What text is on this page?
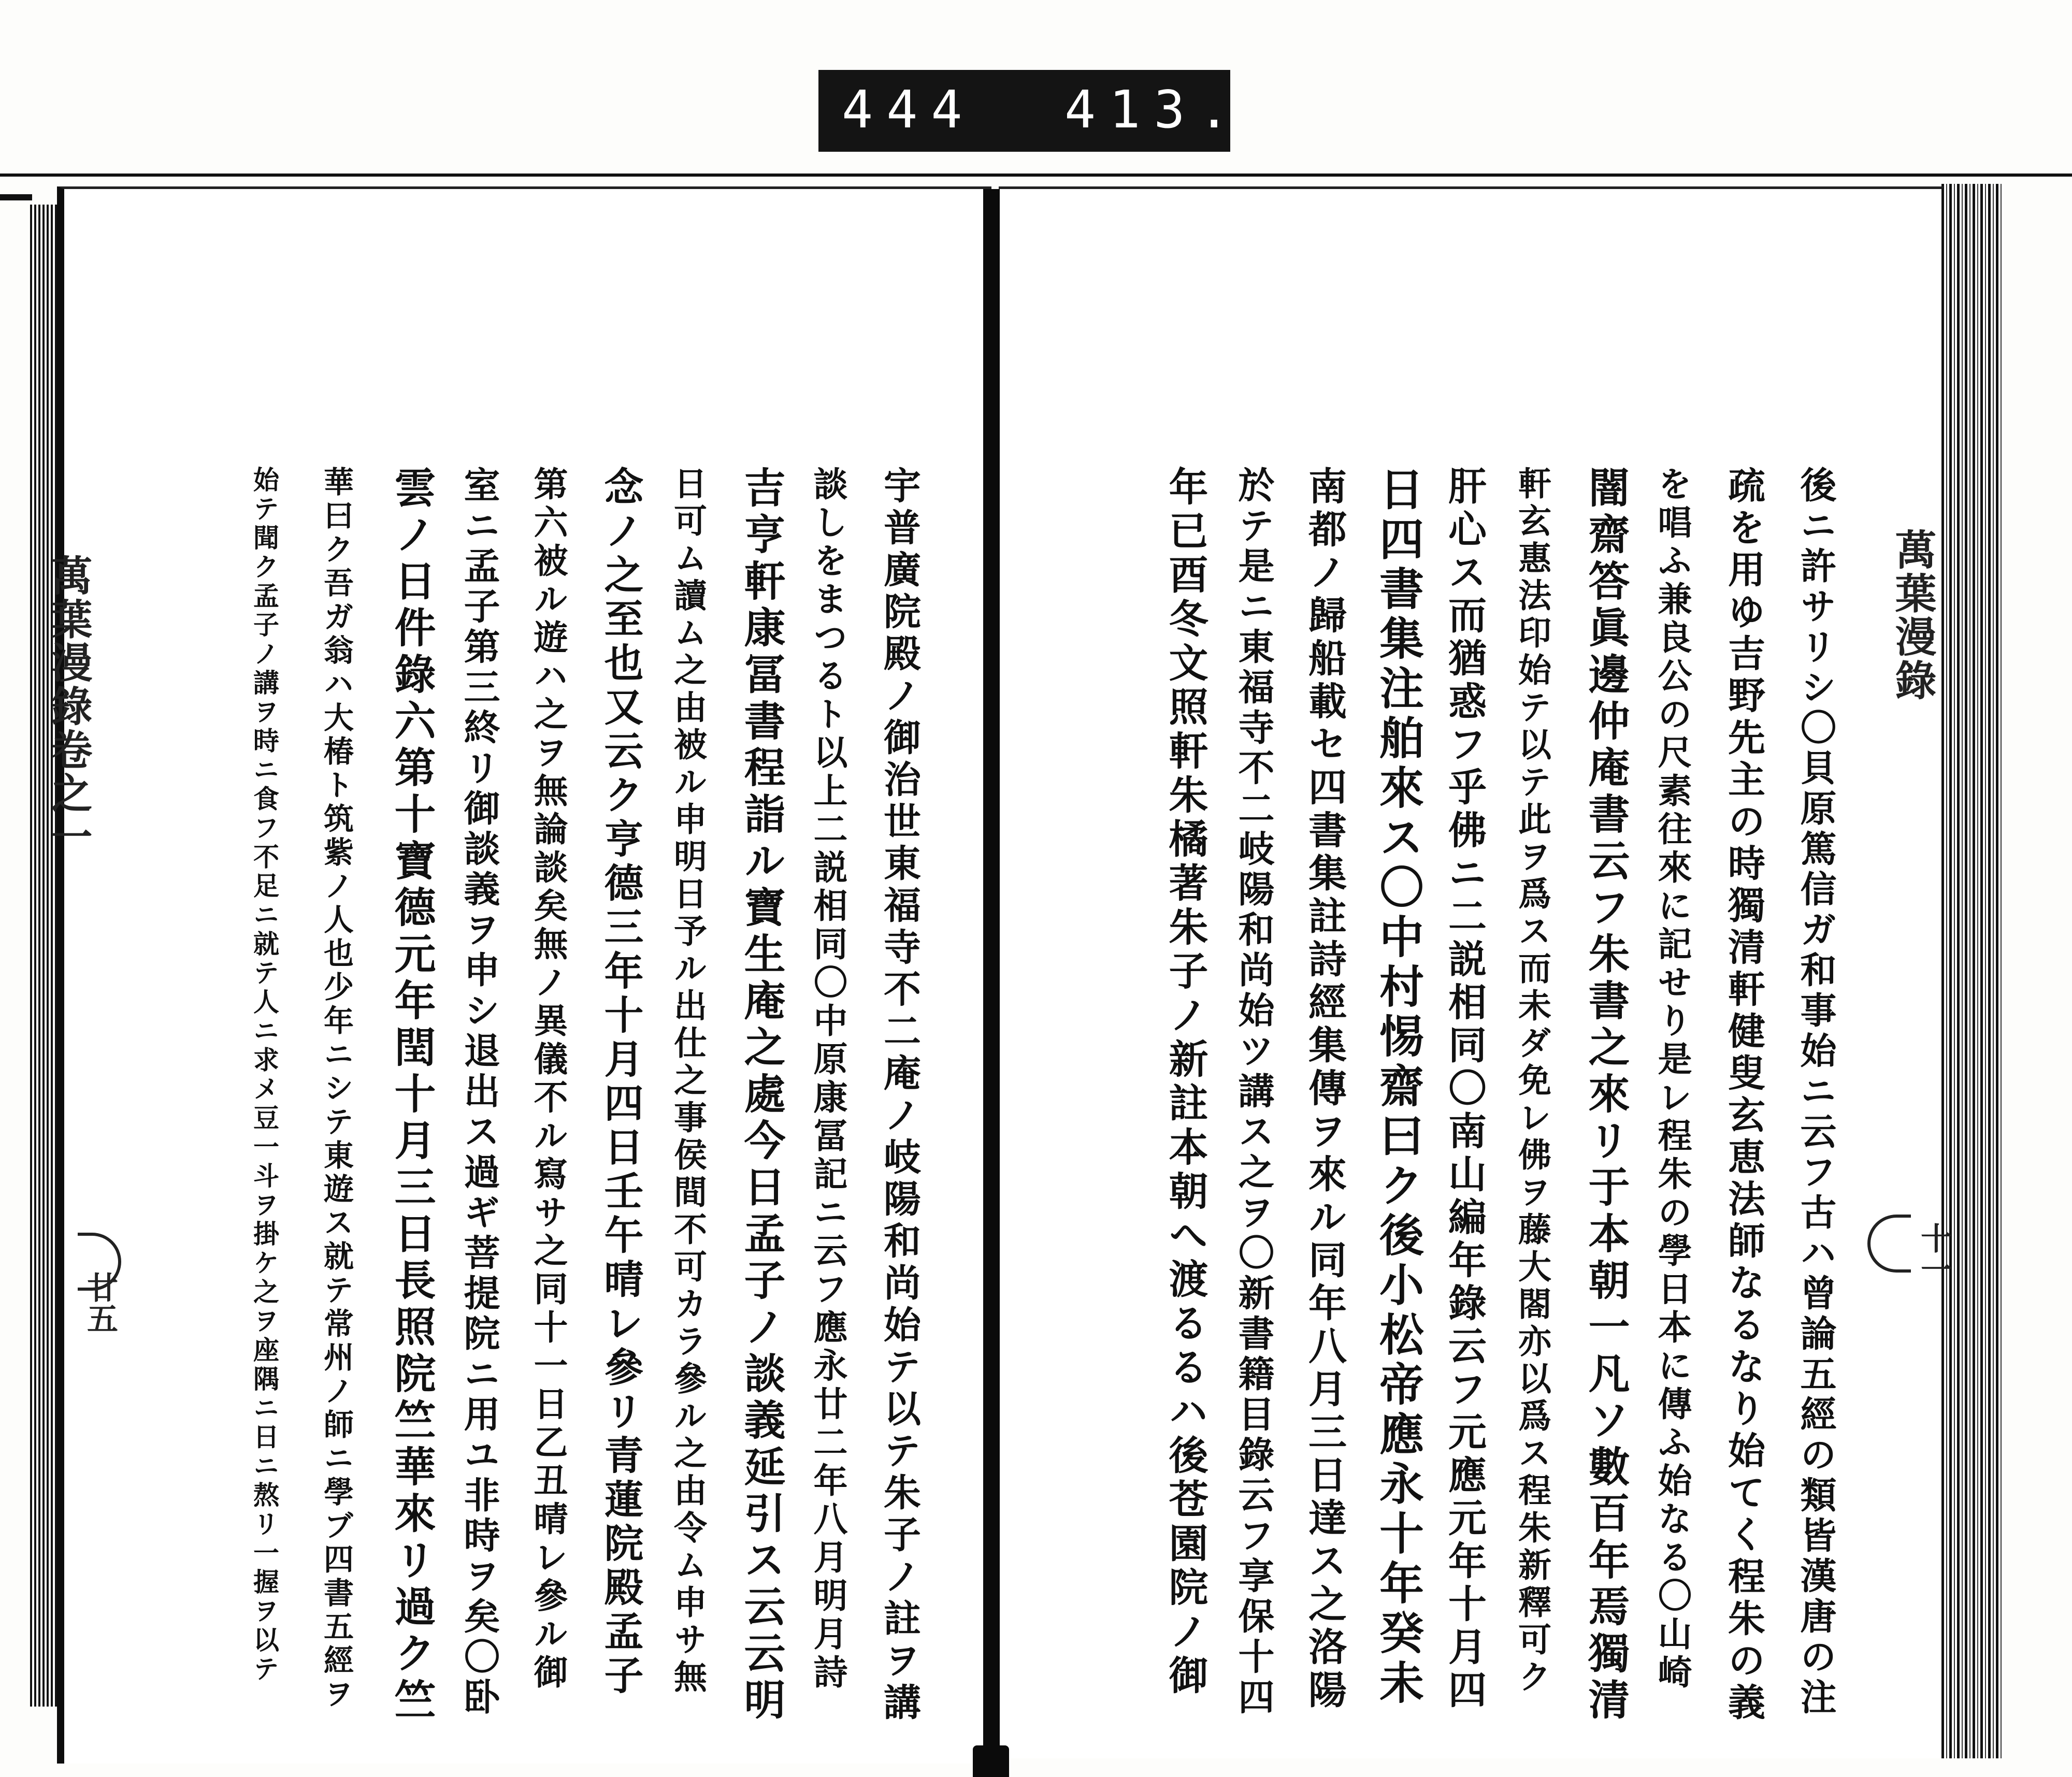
444 413.
萬葉漫錄
十一
萬葉漫錄卷之一
廿五	後ニ許サリシ〇貝原篤信ガ和事始ニ云フ古ハ曾論五經の類皆漢唐の注
疏を用ゆ吉野先主の時獨清軒健叟玄恵法師なるなり始てく程朱の義
を唱ふ兼良公の尺素往來に記せり是レ程朱の學日本に傳ふ始なる〇山崎
闇齋答眞邊仲庵書云フ朱書之來リ于本朝一凡ソ數百年焉獨清
軒玄惠法印始テ以テ此ヲ爲ス而未ダ免レ佛ヲ藤大閤亦以爲ス程朱新釋可ク
肝心ス而猶惑フ乎佛ニ二説相同〇南山編年錄云フ元應元年十月四
日四書集注舶來ス〇中村惕齋曰ク後小松帝應永十年癸未
南都ノ歸船載セ四書集註詩經集傳ヲ來ル同年八月三日達ス之洛陽
於テ是ニ東福寺不二岐陽和尚始ツ講ス之ヲ〇新書籍目錄云フ享保十四
年已酉冬文照軒朱橘著朱子ノ新註本朝へ渡るるハ後苍園院ノ御
宇普廣院殿ノ御治世東福寺不二庵ノ岐陽和尚始テ以テ朱子ノ註ヲ講
談しをまつるト以上二説相同〇中原康冨記ニ云フ應永廿二年八月明月詩
吉亨軒康冨書程詣ル寶生庵之處今日孟子ノ談義延引ス云云明
日可ム讀ム之由被ル申明日予ル出仕之事侯間不可カラ參ル之由令ム申サ無
念ノ之至也又云ク亨德三年十月四日壬午晴レ參リ青蓮院殿孟子
第六被ル遊ハ之ヲ無論談矣無ノ異儀不ル寫サ之同十一日乙丑晴レ參ル御
室ニ孟子第三終リ御談義ヲ申シ退出ス過ギ菩提院ニ用ユ非時ヲ矣〇卧
雲ノ日件錄六第十寶德元年閏十月三日長照院竺華來リ過ク竺
華曰ク吾ガ翁ハ大椿ト筑紫ノ人也少年ニシテ東遊ス就テ常州ノ師ニ學ブ四書五經ヲ
始テ聞ク孟子ノ講ヲ時ニ食フ不足ニ就テ人ニ求メ豆一斗ヲ掛ケ之ヲ座隅ニ日ニ熬リ一握ヲ以テ
